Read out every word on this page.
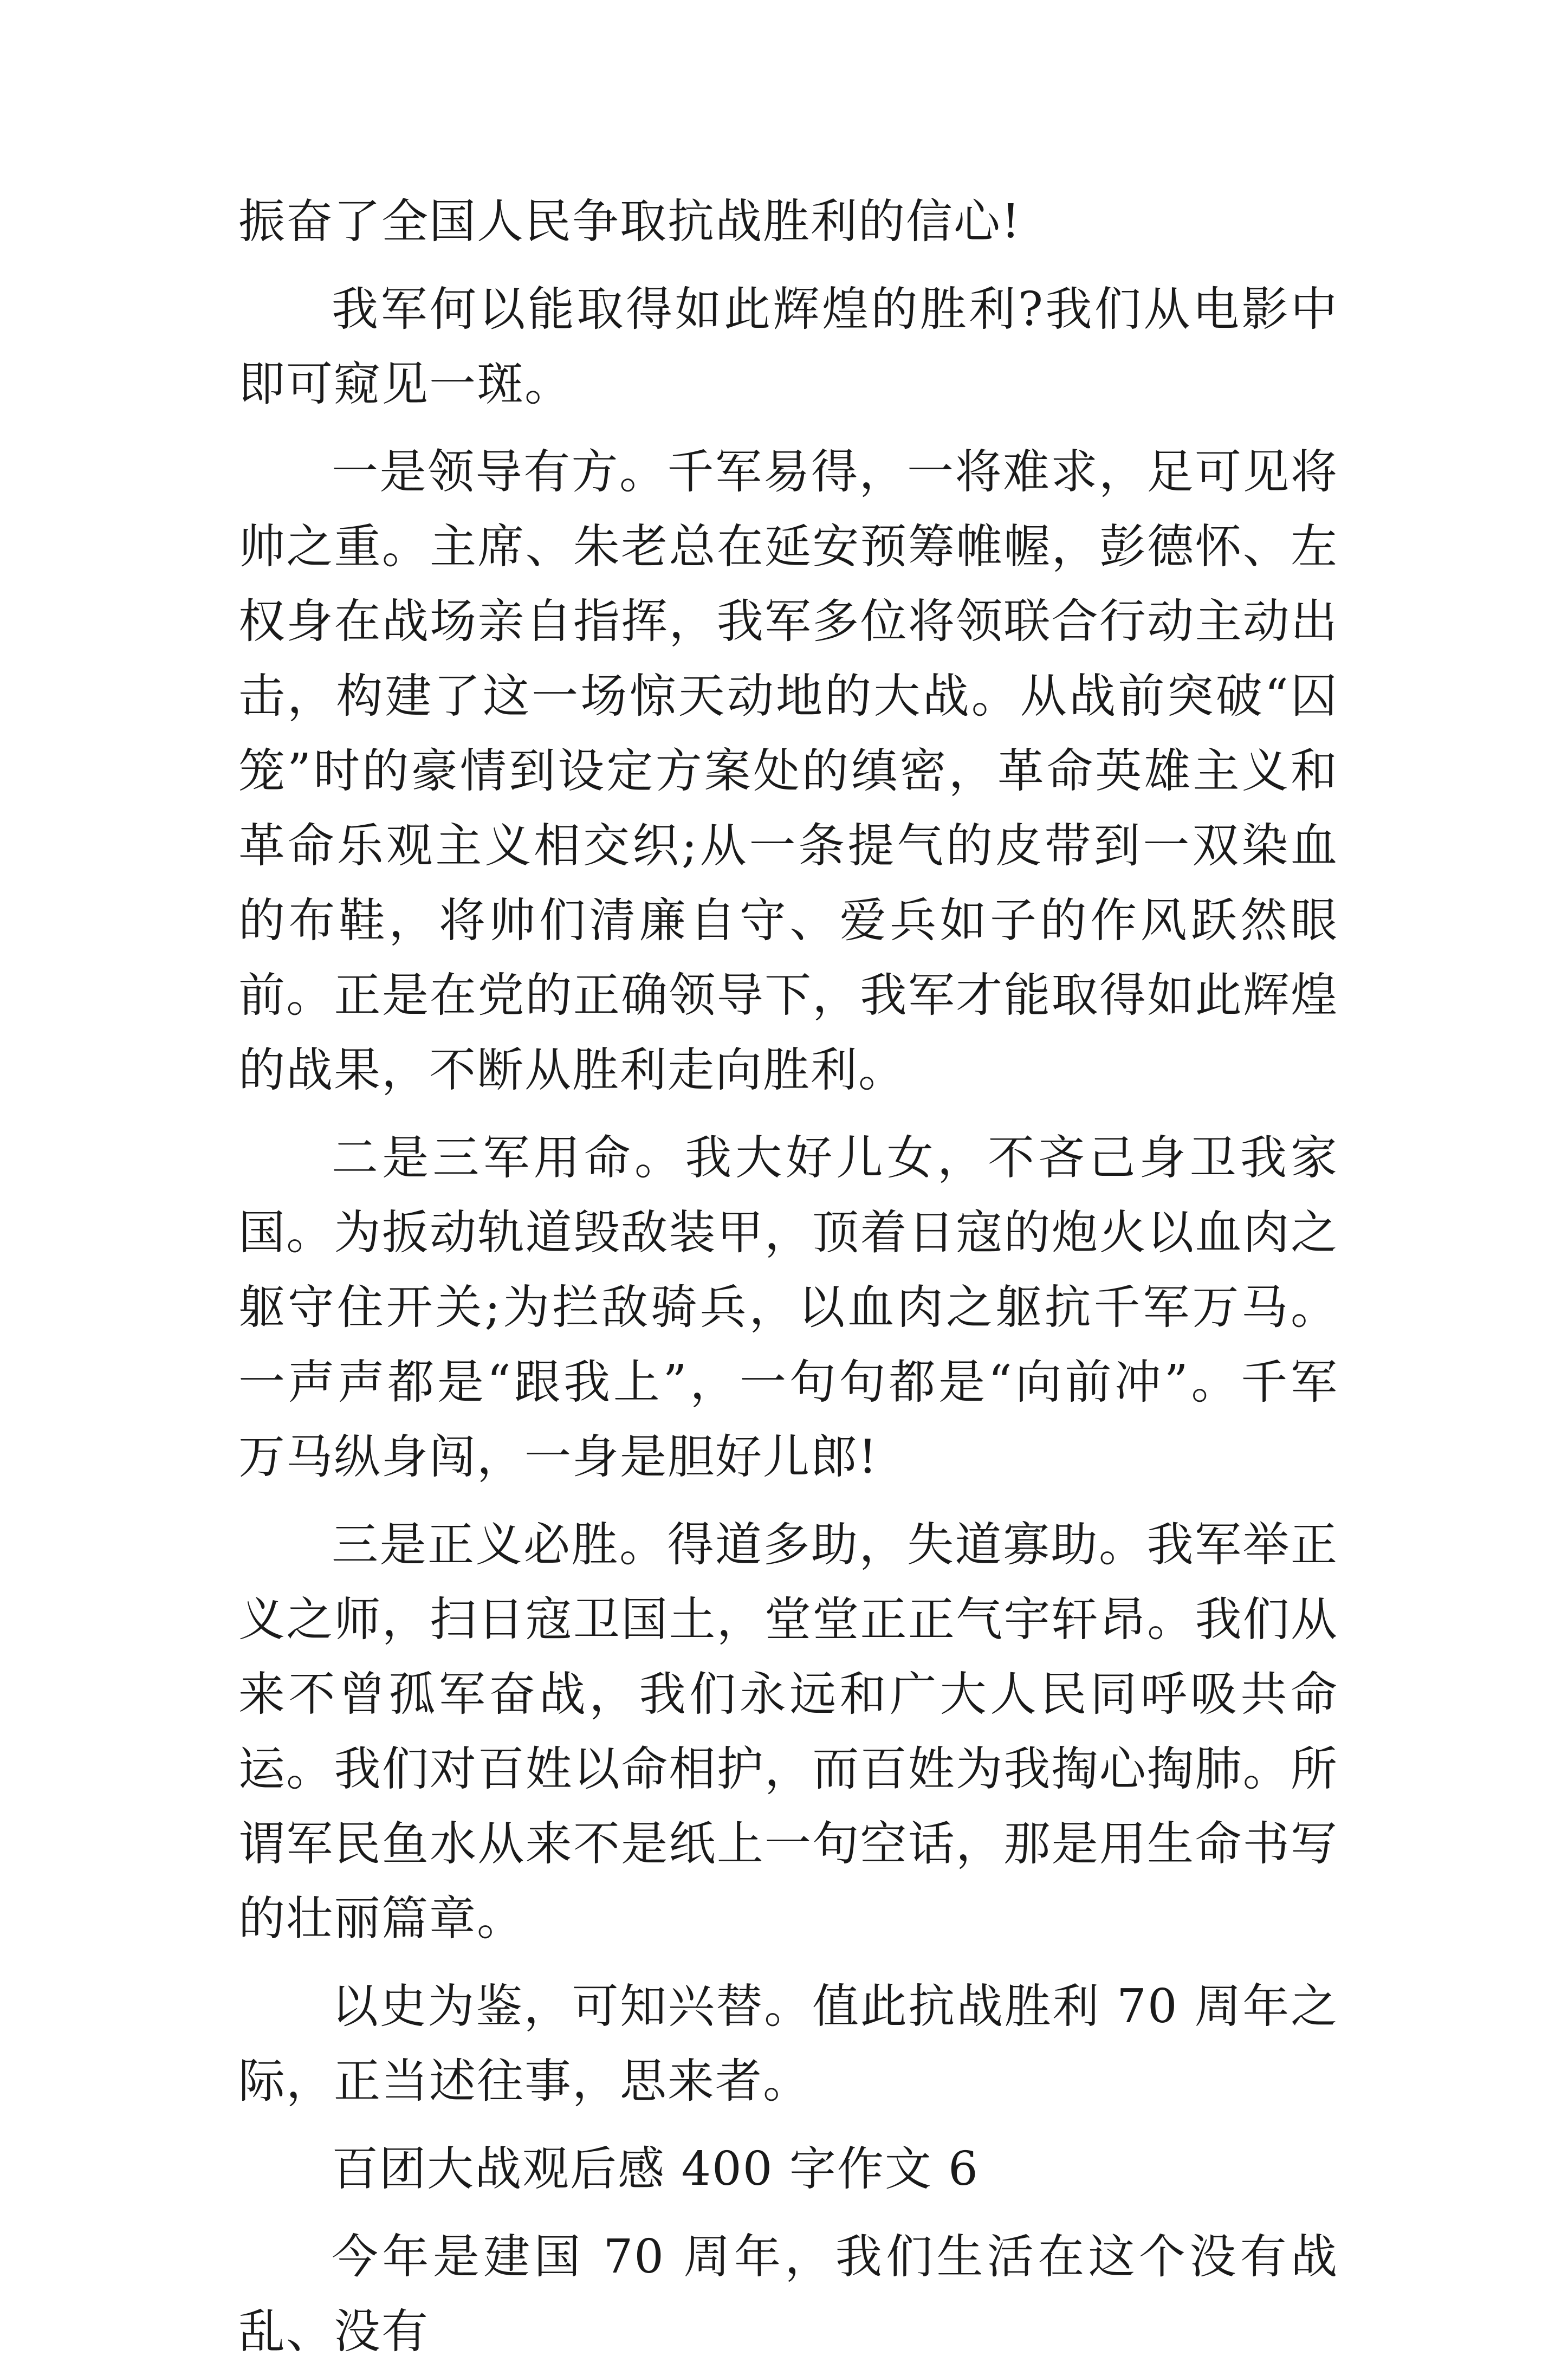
振奋了全国人民争取抗战胜利的信心!

我军何以能取得如此辉煌的胜利?我们从电影中即可窥见一斑。

一是领导有方。千军易得，一将难求，足可见将帅之重。主席、朱老总在延安预筹帷幄，彭德怀、左权身在战场亲自指挥，我军多位将领联合行动主动出击，构建了这一场惊天动地的大战。从战前突破“囚笼”时的豪情到设定方案处的缜密，革命英雄主义和革命乐观主义相交织;从一条提气的皮带到一双染血的布鞋，将帅们清廉自守、爱兵如子的作风跃然眼前。正是在党的正确领导下，我军才能取得如此辉煌的战果，不断从胜利走向胜利。

二是三军用命。我大好儿女，不吝己身卫我家国。为扳动轨道毁敌装甲，顶着日寇的炮火以血肉之躯守住开关;为拦敌骑兵，以血肉之躯抗千军万马。一声声都是“跟我上”，一句句都是“向前冲”。千军万马纵身闯，一身是胆好儿郎!

三是正义必胜。得道多助，失道寡助。我军举正义之师，扫日寇卫国土，堂堂正正气宇轩昂。我们从来不曾孤军奋战，我们永远和广大人民同呼吸共命运。我们对百姓以命相护，而百姓为我掏心掏肺。所谓军民鱼水从来不是纸上一句空话，那是用生命书写的壮丽篇章。

以史为鉴，可知兴替。值此抗战胜利 70 周年之际，正当述往事，思来者。

百团大战观后感 400 字作文 6

今年是建国 70 周年，我们生活在这个没有战乱、没有
